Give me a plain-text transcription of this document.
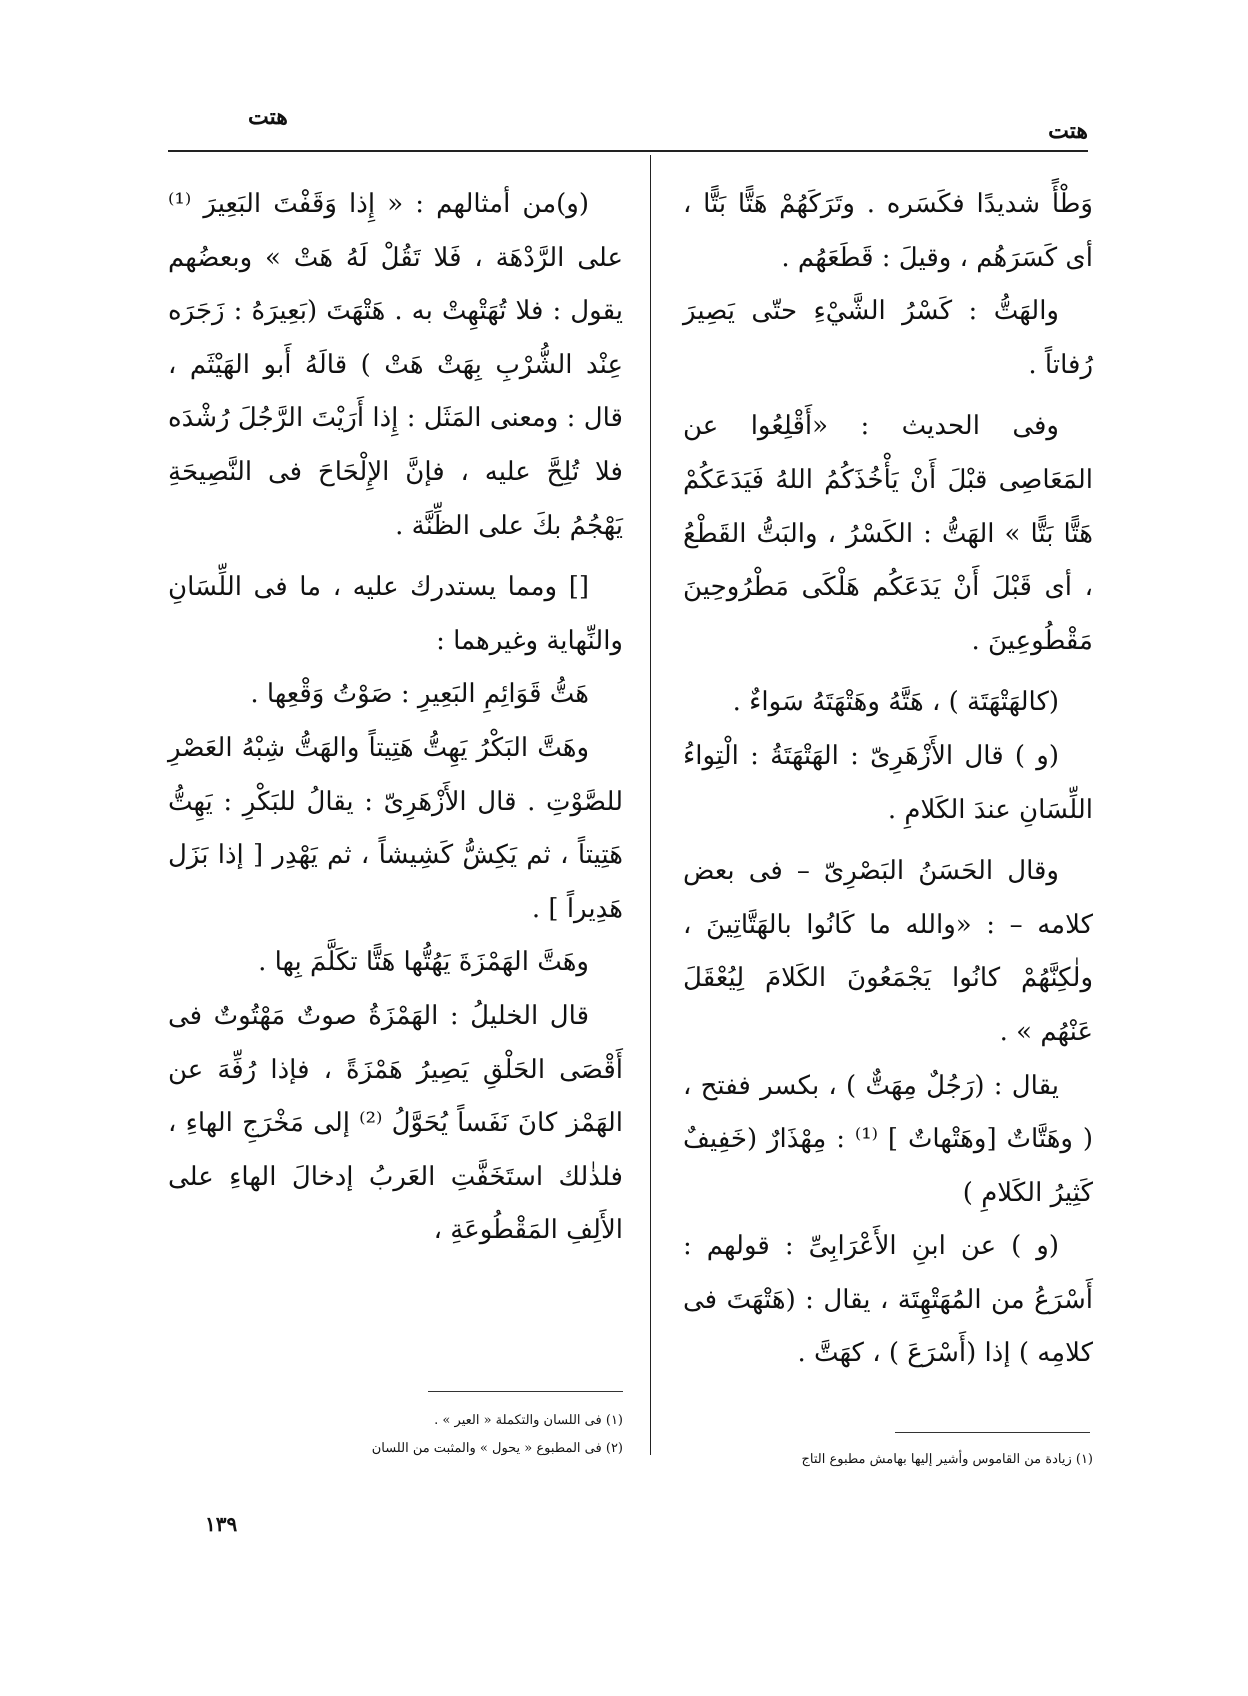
هتت
هتت

وَطْأً شديدًا فكَسَره . وتَرَكَهُمْ هَتًّا بَتًّا ، أى كَسَرَهُم ، وقيلَ : قَطَعَهُم .

والهَتُّ : كَسْرُ الشَّيْءِ حتّى يَصِيرَ رُفاتاً .

وفى الحديث : «أَقْلِعُوا عن المَعَاصِى قبْلَ أَنْ يَأْخُذَكُمُ اللهُ فَيَدَعَكُمْ هَتًّا بَتًّا » الهَتُّ : الكَسْرُ ، والبَتُّ القَطْعُ ، أى قَبْلَ أَنْ يَدَعَكُم هَلْكَى مَطْرُوحِينَ مَقْطُوعِينَ .

(كالهَتْهَتَة ) ، هَتَّهُ وهَتْهَتَهُ سَواءٌ .

(و ) قال الأَزْهَرِىّ : الهَتْهَتَةُ : الْتِواءُ اللِّسَانِ عندَ الكَلامِ .

وقال الحَسَنُ البَصْرِىّ – فى بعض كلامه – : «والله ما كَانُوا بالهَتَّاتِينَ ، ولٰكِنَّهُمْ كانُوا يَجْمَعُونَ الكَلامَ لِيُعْقَلَ عَنْهُم » .

يقال : (رَجُلٌ مِهَتٌّ ) ، بكسر ففتح ، ( وهَتَّاتٌ [وهَتْهاتٌ ] ⁽¹⁾ : مِهْذَارٌ (خَفِيفٌ كَثِيرُ الكَلامِ )

(و ) عن ابنِ الأَعْرَابِىِّ : قولهم : أَسْرَعُ من المُهَتْهِتَة ، يقال : (هَتْهَتَ فى كلامِه ) إذا (أَسْرَعَ ) ، كهَتَّ .

(و)من أمثالهم : « إِذا وَقَفْتَ البَعِيرَ ⁽¹⁾ على الرَّدْهَة ، فَلا تَقُلْ لَهُ هَتْ » وبعضُهم يقول : فلا تُهَتْهِتْ به . هَتْهَتَ (بَعِيرَهُ : زَجَرَه عِنْد الشُّرْبِ بِهَتْ هَتْ ) قالَهُ أَبو الهَيْثَم ، قال : ومعنى المَثَل : إِذا أَرَيْتَ الرَّجُلَ رُشْدَه فلا تُلِحَّ عليه ، فإنَّ الإِلْحَاحَ فى النَّصِيحَةِ يَهْجُمُ بكَ على الظِّنَّة .

[] ومما يستدرك عليه ، ما فى اللِّسَانِ والنِّهاية وغيرهما :

هَتُّ قَوَائِمِ البَعِيرِ : صَوْتُ وَقْعِها .

وهَتَّ البَكْرُ يَهِتُّ هَتِيتاً والهَتُّ شِبْهُ العَصْرِ للصَّوْتِ . قال الأَزْهَرِىّ : يقالُ للبَكْرِ : يَهِتُّ هَتِيتاً ، ثم يَكِشُّ كَشِيشاً ، ثم يَهْدِر [ إذا بَزَل هَدِيراً ] .

وهَتَّ الهَمْزَةَ يَهُتُّها هَتًّا تكَلَّمَ بِها .

قال الخليلُ : الهَمْزَةُ صوتٌ مَهْتُوتٌ فى أَقْصَى الحَلْقِ يَصِيرُ هَمْزَةً ، فإذا رُفِّهَ عن الهَمْز كانَ نَفَساً يُحَوَّلُ ⁽²⁾ إلى مَخْرَجِ الهاءِ ، فلذٰلك استَخَفَّتِ العَربُ إدخالَ الهاءِ على الأَلِفِ المَقْطُوعَةِ ،

(١) فى اللسان والتكملة « العير » .

(٢) فى المطبوع « يحول » والمثبت من اللسان

(١) زيادة من القاموس وأشير إليها بهامش مطبوع التاج

١٣٩
